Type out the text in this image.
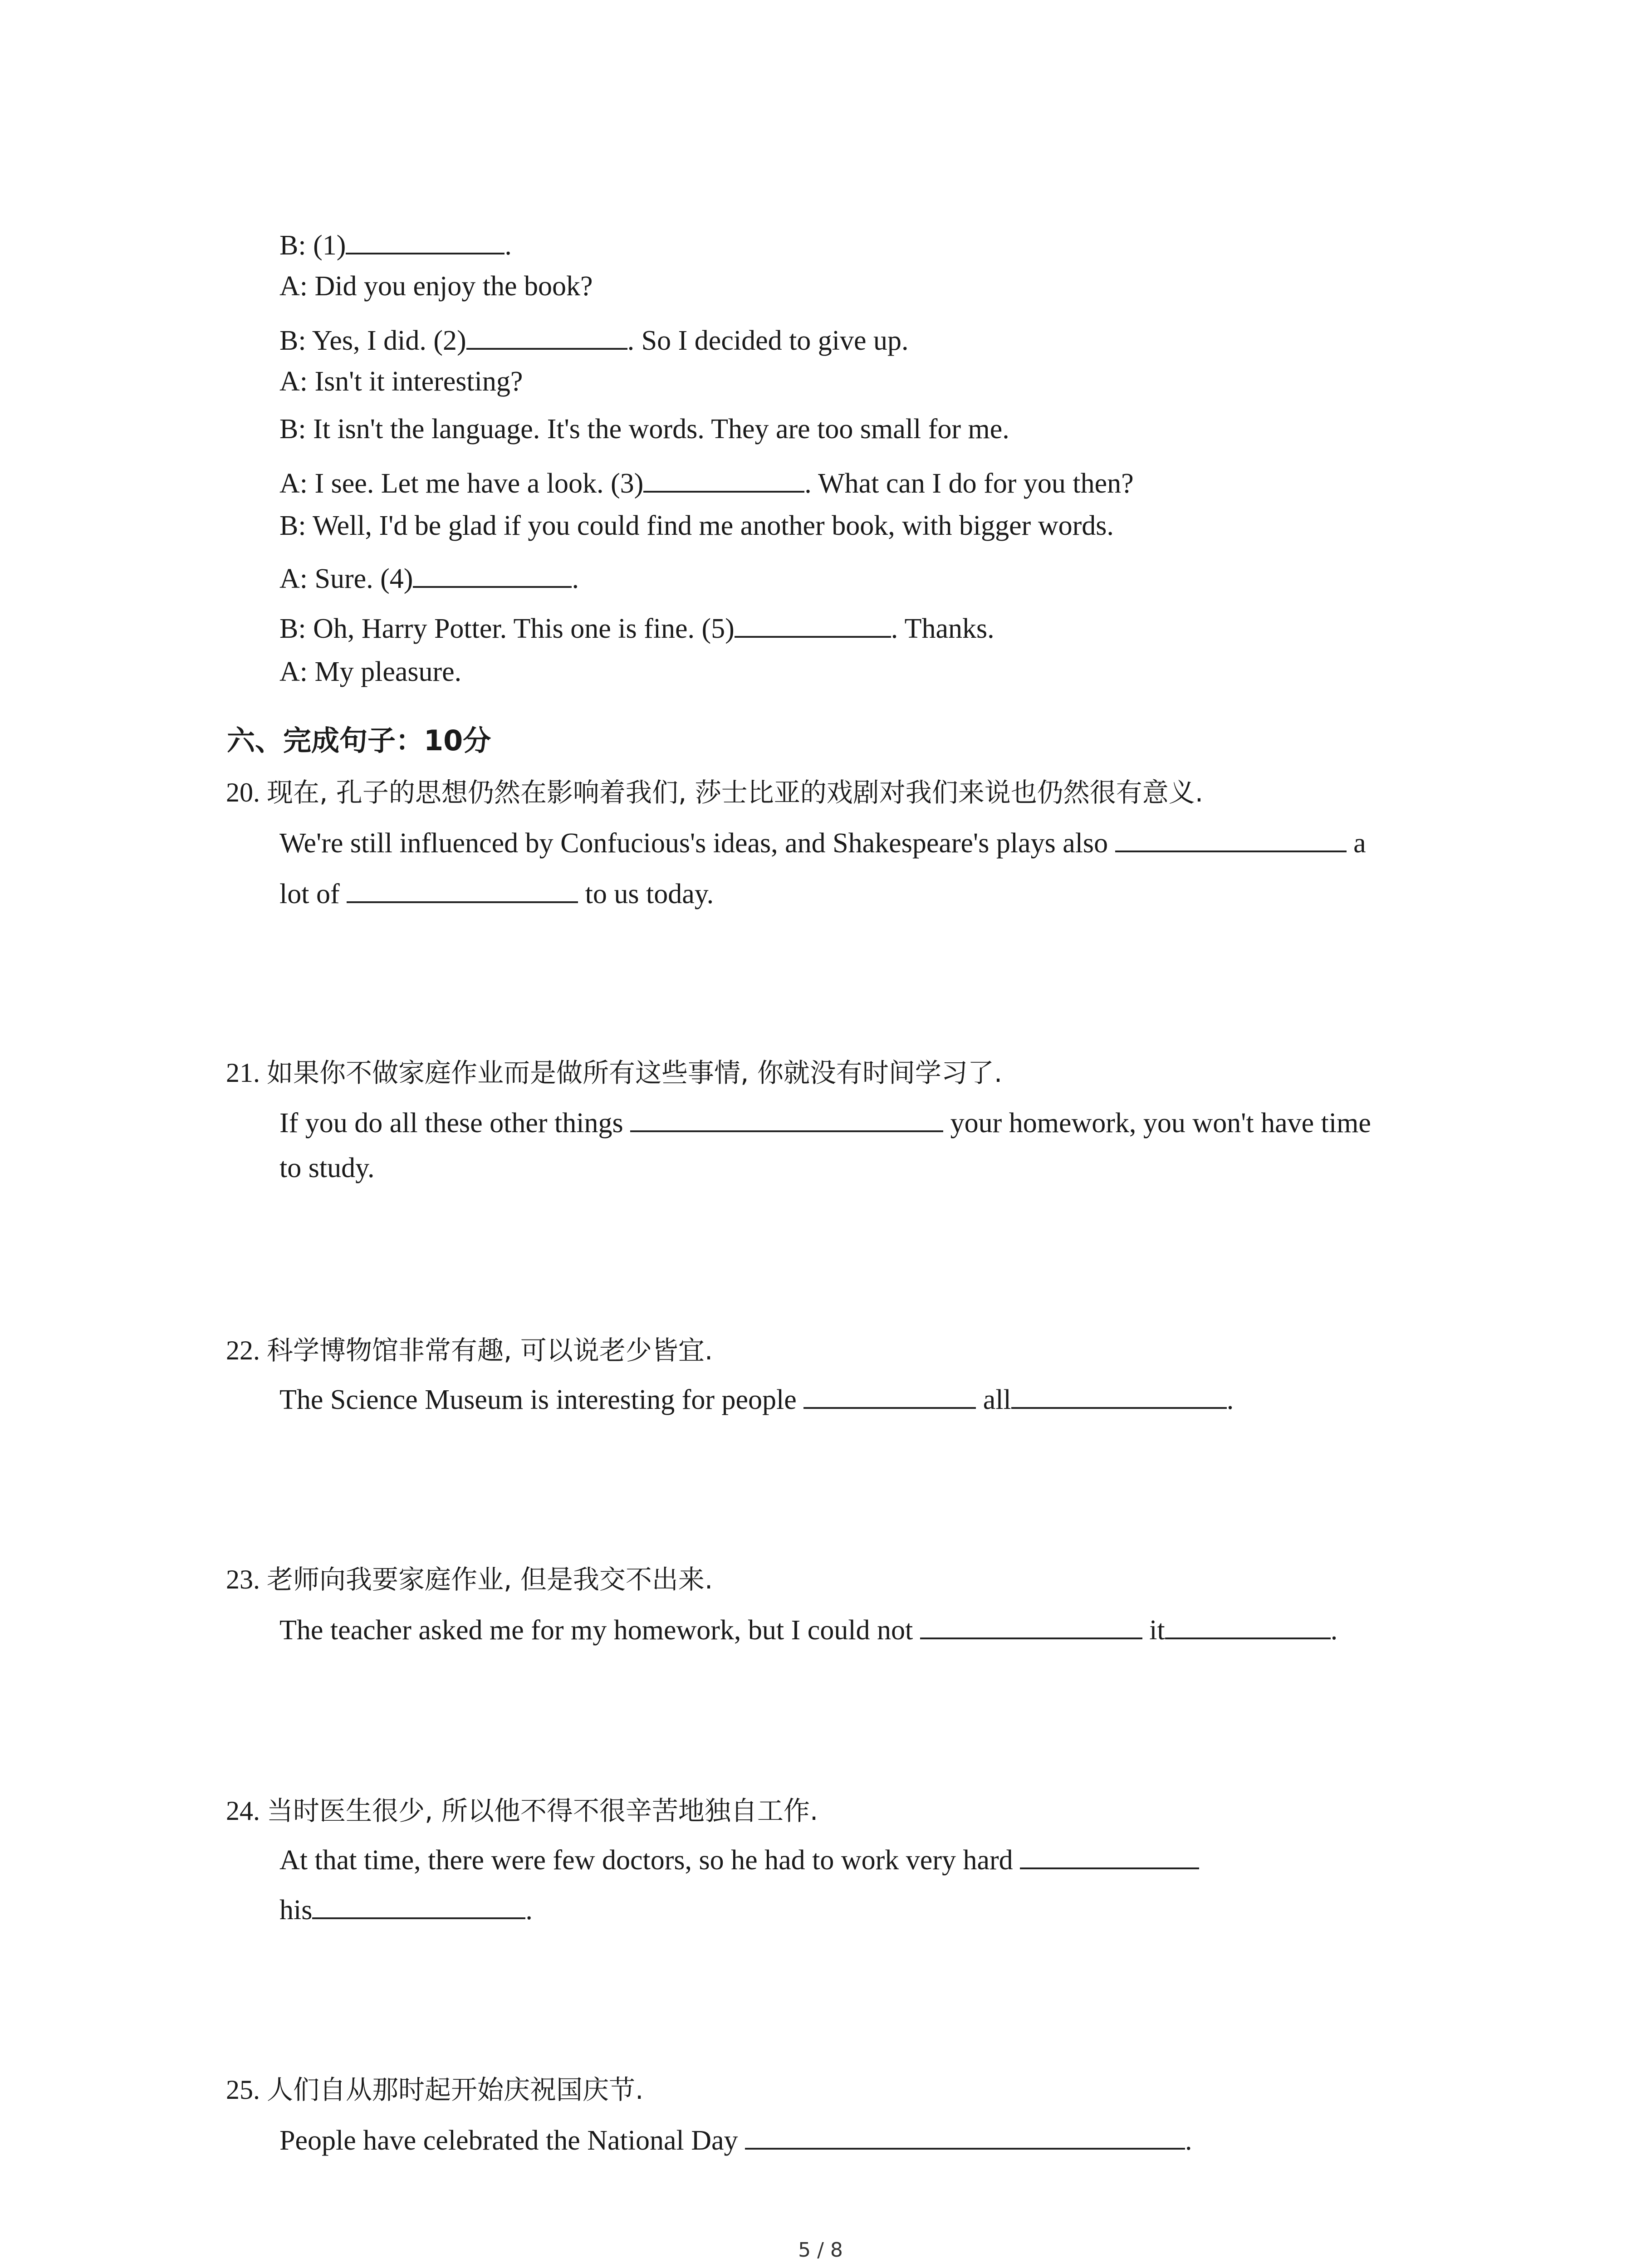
B: (1)	.
A: Did you enjoy the book?
B: Yes, I did. (2)	. So I decided to give up.
A: Isn't it interesting?
B: It isn't the language. It's the words. They are too small for me.
A: I see. Let me have a look. (3)	. What can I do for you then?
B: Well, I'd be glad if you could find me another book, with bigger words.
A: Sure. (4)	.
B: Oh, Harry Potter. This one is fine. (5)	. Thanks.
A: My pleasure.
六、完成句子：10分
20. 现在, 孔子的思想仍然在影响着我们, 莎士比亚的戏剧对我们来说也仍然很有意义.
We're still influenced by Confucious's ideas, and Shakespeare's plays also	a
lot of	to us today.
21. 如果你不做家庭作业而是做所有这些事情, 你就没有时间学习了.
If you do all these other things	your homework, you won't have time
to study.
22. 科学博物馆非常有趣, 可以说老少皆宜.
The Science Museum is interesting for people	all	.
23. 老师向我要家庭作业, 但是我交不出来.
The teacher asked me for my homework, but I could not	it	.
24. 当时医生很少, 所以他不得不很辛苦地独自工作.
At that time, there were few doctors, so he had to work very hard
his	.
25. 人们自从那时起开始庆祝国庆节.
People have celebrated the National Day	.
5 / 8
